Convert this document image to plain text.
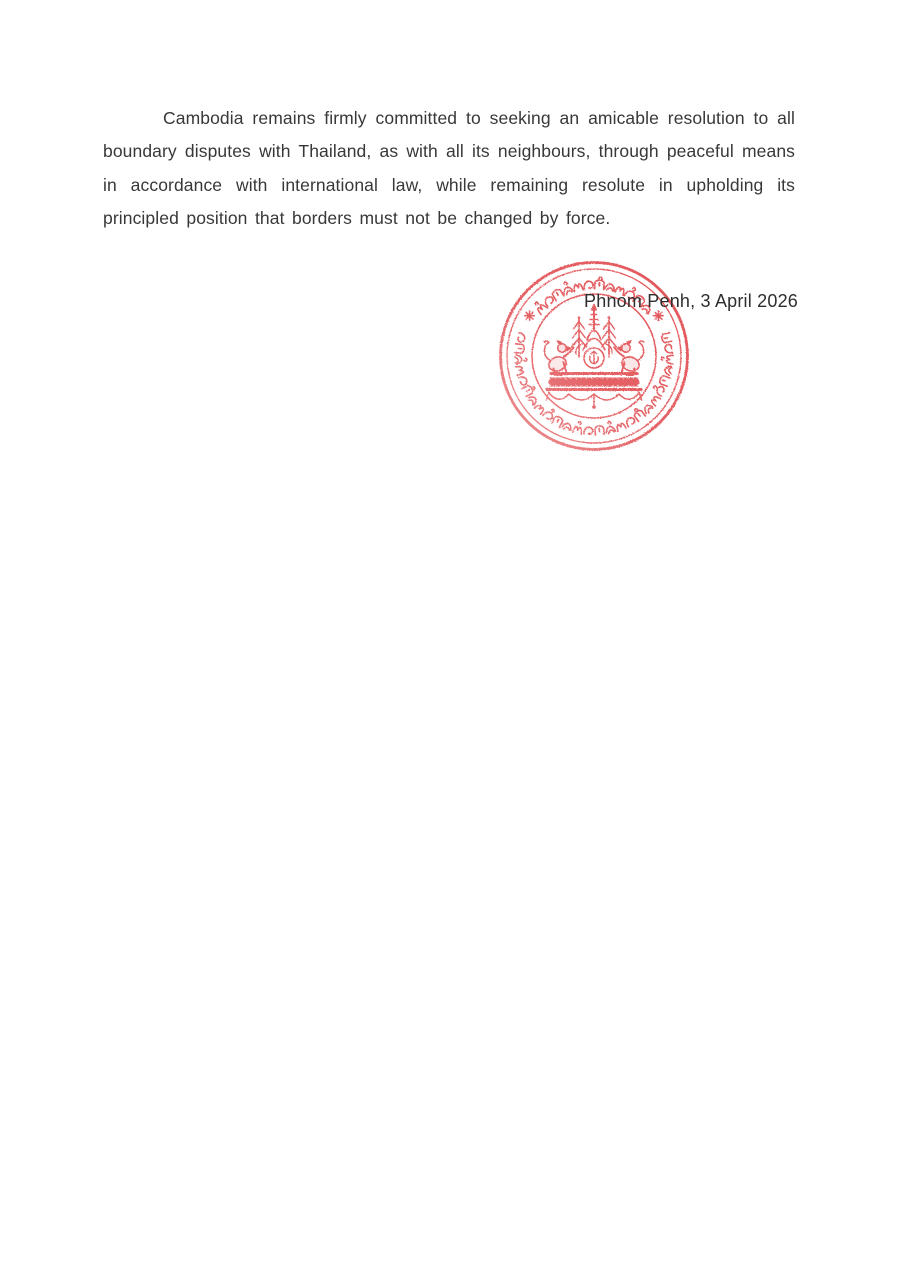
Cambodia remains firmly committed to seeking an amicable resolution to all boundary disputes with Thailand, as with all its neighbours, through peaceful means in accordance with international law, while remaining resolute in upholding its principled position that borders must not be changed by force.

Phnom Penh, 3 April 2026
